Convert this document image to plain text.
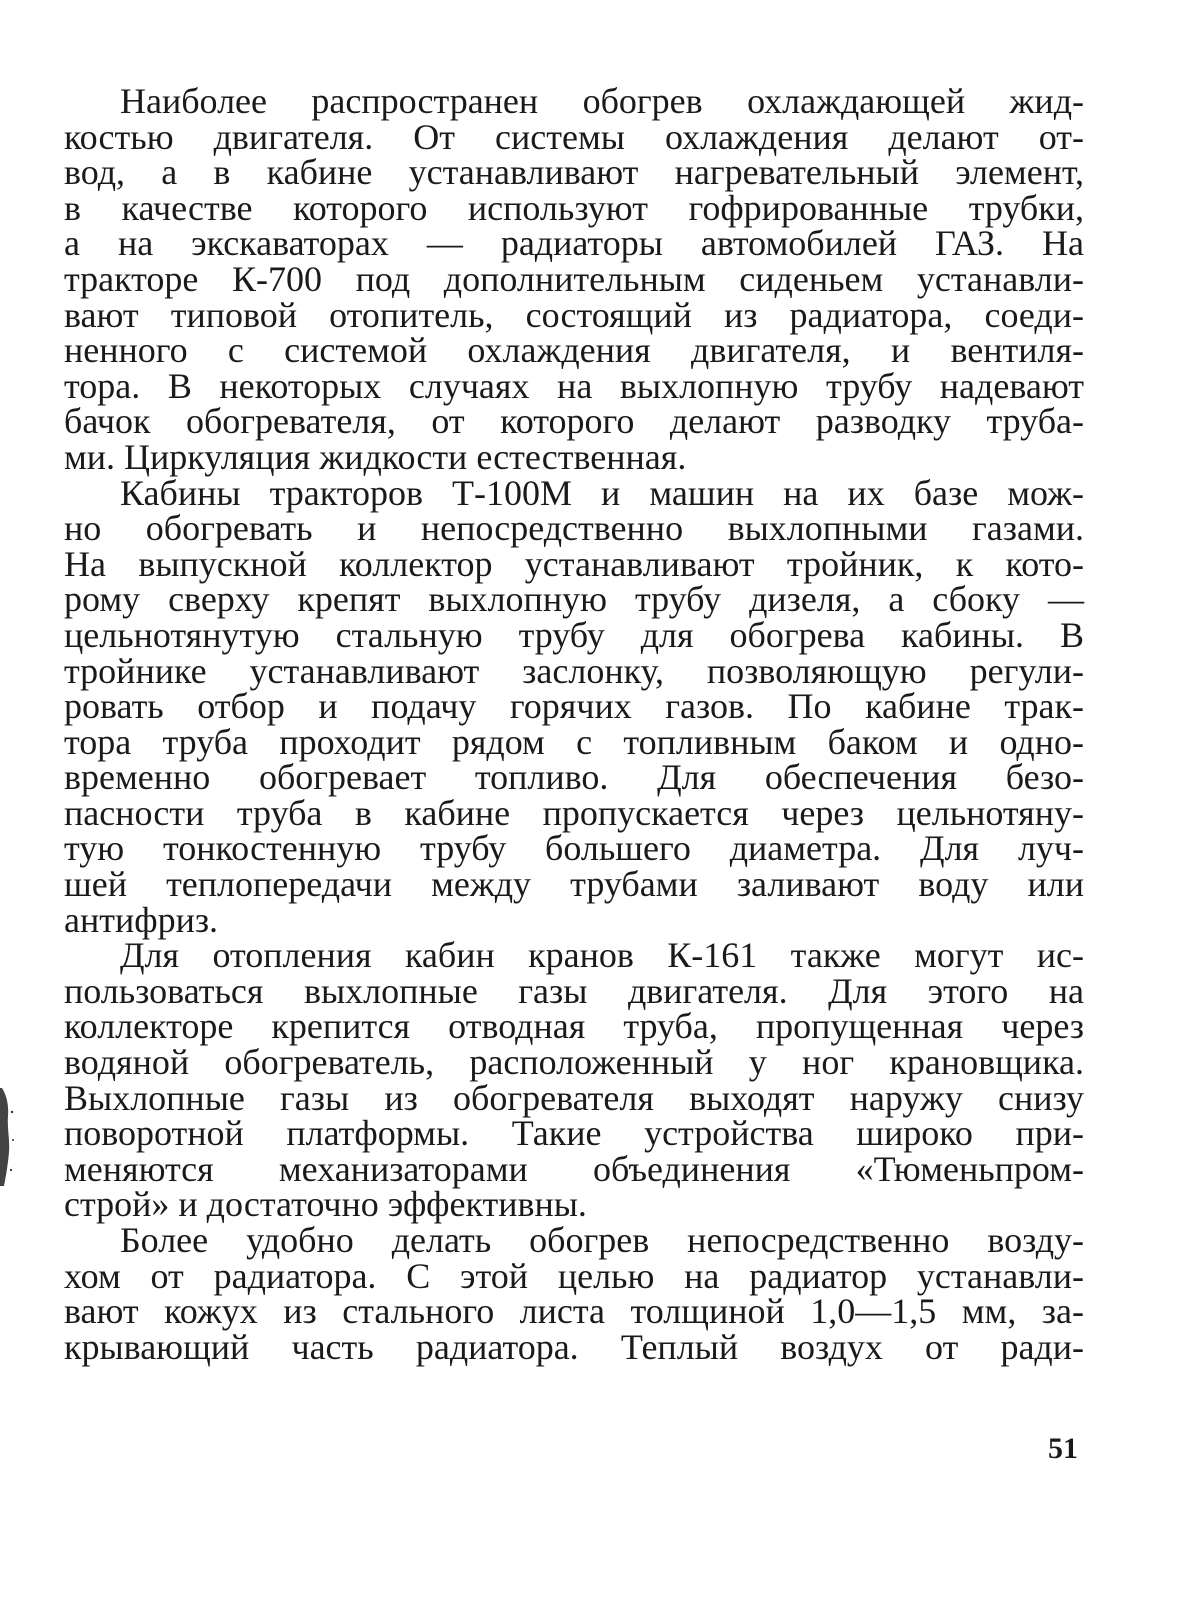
Наиболее распространен обогрев охлаждающей жид-
костью двигателя. От системы охлаждения делают от-
вод, а в кабине устанавливают нагревательный элемент,
в качестве которого используют гофрированные трубки,
а на экскаваторах — радиаторы автомобилей ГАЗ. На
тракторе К-700 под дополнительным сиденьем устанавли-
вают типовой отопитель, состоящий из радиатора, соеди-
ненного с системой охлаждения двигателя, и вентиля-
тора. В некоторых случаях на выхлопную трубу надевают
бачок обогревателя, от которого делают разводку труба-
ми. Циркуляция жидкости естественная.
Кабины тракторов Т-100М и машин на их базе мож-
но обогревать и непосредственно выхлопными газами.
На выпускной коллектор устанавливают тройник, к кото-
рому сверху крепят выхлопную трубу дизеля, а сбоку —
цельнотянутую стальную трубу для обогрева кабины. В
тройнике устанавливают заслонку, позволяющую регули-
ровать отбор и подачу горячих газов. По кабине трак-
тора труба проходит рядом с топливным баком и одно-
временно обогревает топливо. Для обеспечения безо-
пасности труба в кабине пропускается через цельнотяну-
тую тонкостенную трубу большего диаметра. Для луч-
шей теплопередачи между трубами заливают воду или
антифриз.
Для отопления кабин кранов К-161 также могут ис-
пользоваться выхлопные газы двигателя. Для этого на
коллекторе крепится отводная труба, пропущенная через
водяной обогреватель, расположенный у ног крановщика.
Выхлопные газы из обогревателя выходят наружу снизу
поворотной платформы. Такие устройства широко при-
меняются механизаторами объединения «Тюменьпром-
строй» и достаточно эффективны.
Более удобно делать обогрев непосредственно возду-
хом от радиатора. С этой целью на радиатор устанавли-
вают кожух из стального листа толщиной 1,0—1,5 мм, за-
крывающий часть радиатора. Теплый воздух от ради-
51
